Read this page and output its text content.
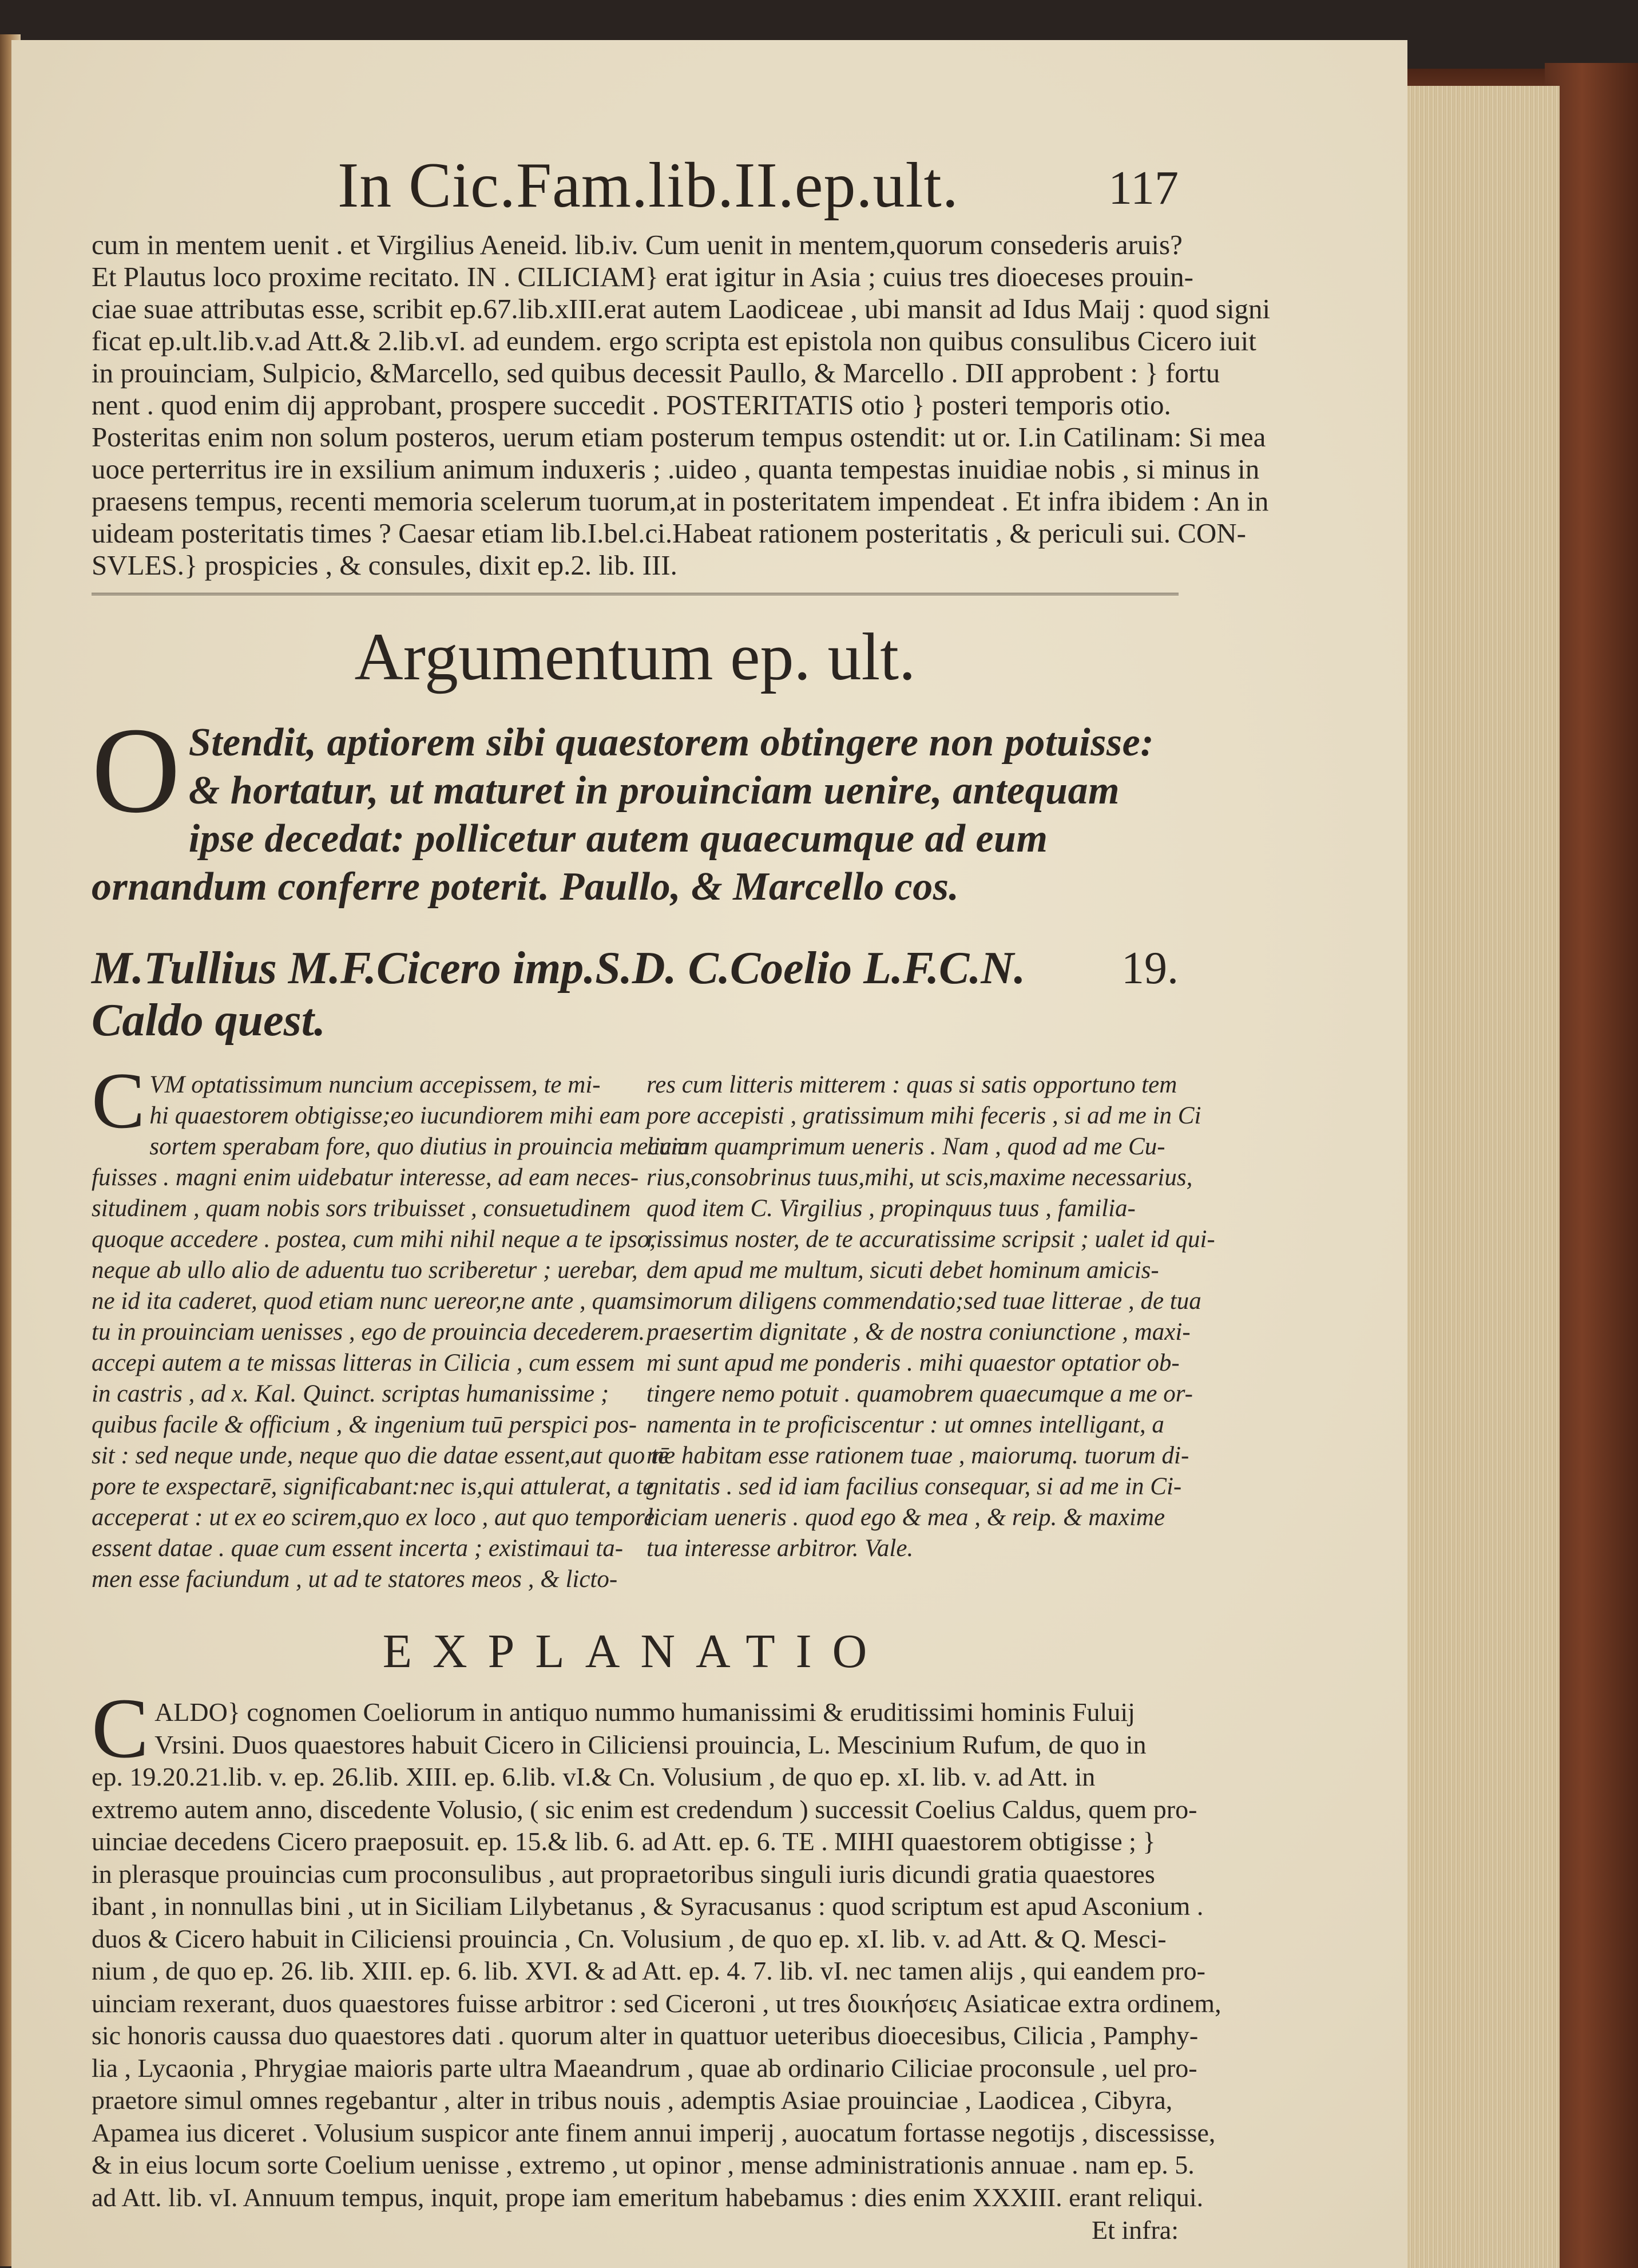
In Cic.Fam.lib.II.ep.ult.	117
cum in mentem uenit . et Virgilius Aeneid. lib.iv. Cum uenit in mentem,quorum consederis aruis?
Et Plautus loco proxime recitato. IN . CILICIAM} erat igitur in Asia ; cuius tres dioeceses prouin-
ciae suae attributas esse, scribit ep.67.lib.xIII.erat autem Laodiceae , ubi mansit ad Idus Maij : quod signi
ficat ep.ult.lib.v.ad Att.& 2.lib.vI. ad eundem. ergo scripta est epistola non quibus consulibus Cicero iuit
in prouinciam, Sulpicio, &Marcello, sed quibus decessit Paullo, & Marcello . DII approbent : } fortu
nent . quod enim dij approbant, prospere succedit . POSTERITATIS otio } posteri temporis otio.
Posteritas enim non solum posteros, uerum etiam posterum tempus ostendit: ut or. I.in Catilinam: Si mea
uoce perterritus ire in exsilium animum induxeris ; .uideo , quanta tempestas inuidiae nobis , si minus in
praesens tempus, recenti memoria scelerum tuorum,at in posteritatem impendeat . Et infra ibidem : An in
uideam posteritatis times ? Caesar etiam lib.I.bel.ci.Habeat rationem posteritatis , & periculi sui. CON-
SVLES.} prospicies , & consules, dixit ep.2. lib. III.
Argumentum ep. ult.
O Stendit, aptiorem sibi quaestorem obtingere non potuisse: & hortatur, ut maturet in prouinciam uenire, antequam ipse decedat: pollicetur autem quaecumque ad eum ornandum conferre poterit. Paullo, & Marcello cos.
M.Tullius M.F.Cicero imp.S.D. C.Coelio L.F.C.N. Caldo quest.
19.
C VM optatissimum nuncium accepissem, te mi-
hi quaestorem obtigisse;eo iucundiorem mihi eam
sortem sperabam fore, quo diutius in prouincia mecum
fuisses . magni enim uidebatur interesse, ad eam neces-
situdinem , quam nobis sors tribuisset , consuetudinem
quoque accedere . postea, cum mihi nihil neque a te ipso,
neque ab ullo alio de aduentu tuo scriberetur ; uerebar,
ne id ita caderet, quod etiam nunc uereor,ne ante , quam
tu in prouinciam uenisses , ego de prouincia decederem.
accepi autem a te missas litteras in Cilicia , cum essem
in castris , ad x. Kal. Quinct. scriptas humanissime ;
quibus facile & officium , & ingenium tuū perspici pos-
sit : sed neque unde, neque quo die datae essent,aut quo tē
pore te exspectarē, significabant:nec is,qui attulerat, a te
acceperat : ut ex eo scirem,quo ex loco , aut quo tempore
essent datae . quae cum essent incerta ; existimaui ta-
men esse faciundum , ut ad te statores meos , & licto-
res cum litteris mitterem : quas si satis opportuno tem
pore accepisti , gratissimum mihi feceris , si ad me in Ci
liciam quamprimum ueneris . Nam , quod ad me Cu-
rius,consobrinus tuus,mihi, ut scis,maxime necessarius,
quod item C. Virgilius , propinquus tuus , familia-
rissimus noster, de te accuratissime scripsit ; ualet id qui-
dem apud me multum, sicuti debet hominum amicis-
simorum diligens commendatio;sed tuae litterae , de tua
praesertim dignitate , & de nostra coniunctione , maxi-
mi sunt apud me ponderis . mihi quaestor optatior ob-
tingere nemo potuit . quamobrem quaecumque a me or-
namenta in te proficiscentur : ut omnes intelligant, a
me habitam esse rationem tuae , maiorumq. tuorum di-
gnitatis . sed id iam facilius consequar, si ad me in Ci-
liciam ueneris . quod ego & mea , & reip. & maxime
tua interesse arbitror. Vale.
EXPLANATIO
C ALDO} cognomen Coeliorum in antiquo nummo humanissimi & eruditissimi hominis Fuluij
Vrsini. Duos quaestores habuit Cicero in Ciliciensi prouincia, L. Mescinium Rufum, de quo in
ep. 19.20.21.lib. v. ep. 26.lib. XIII. ep. 6.lib. vI.& Cn. Volusium , de quo ep. xI. lib. v. ad Att. in
extremo autem anno, discedente Volusio, ( sic enim est credendum ) successit Coelius Caldus, quem pro-
uinciae decedens Cicero praeposuit. ep. 15.& lib. 6. ad Att. ep. 6. TE . MIHI quaestorem obtigisse ; }
in plerasque prouincias cum proconsulibus , aut propraetoribus singuli iuris dicundi gratia quaestores
ibant , in nonnullas bini , ut in Siciliam Lilybetanus , & Syracusanus : quod scriptum est apud Asconium .
duos & Cicero habuit in Ciliciensi prouincia , Cn. Volusium , de quo ep. xI. lib. v. ad Att. & Q. Mesci-
nium , de quo ep. 26. lib. XIII. ep. 6. lib. XVI. & ad Att. ep. 4. 7. lib. vI. nec tamen alijs , qui eandem pro-
uinciam rexerant, duos quaestores fuisse arbitror : sed Ciceroni , ut tres διοικήσεις Asiaticae extra ordinem,
sic honoris caussa duo quaestores dati . quorum alter in quattuor ueteribus dioecesibus, Cilicia , Pamphy-
lia , Lycaonia , Phrygiae maioris parte ultra Maeandrum , quae ab ordinario Ciliciae proconsule , uel pro-
praetore simul omnes regebantur , alter in tribus nouis , ademptis Asiae prouinciae , Laodicea , Cibyra,
Apamea ius diceret . Volusium suspicor ante finem annui imperij , auocatum fortasse negotijs , discessisse,
& in eius locum sorte Coelium uenisse , extremo , ut opinor , mense administrationis annuae . nam ep. 5.
ad Att. lib. vI. Annuum tempus, inquit, prope iam emeritum habebamus : dies enim XXXIII. erant reliqui.
Et infra:
